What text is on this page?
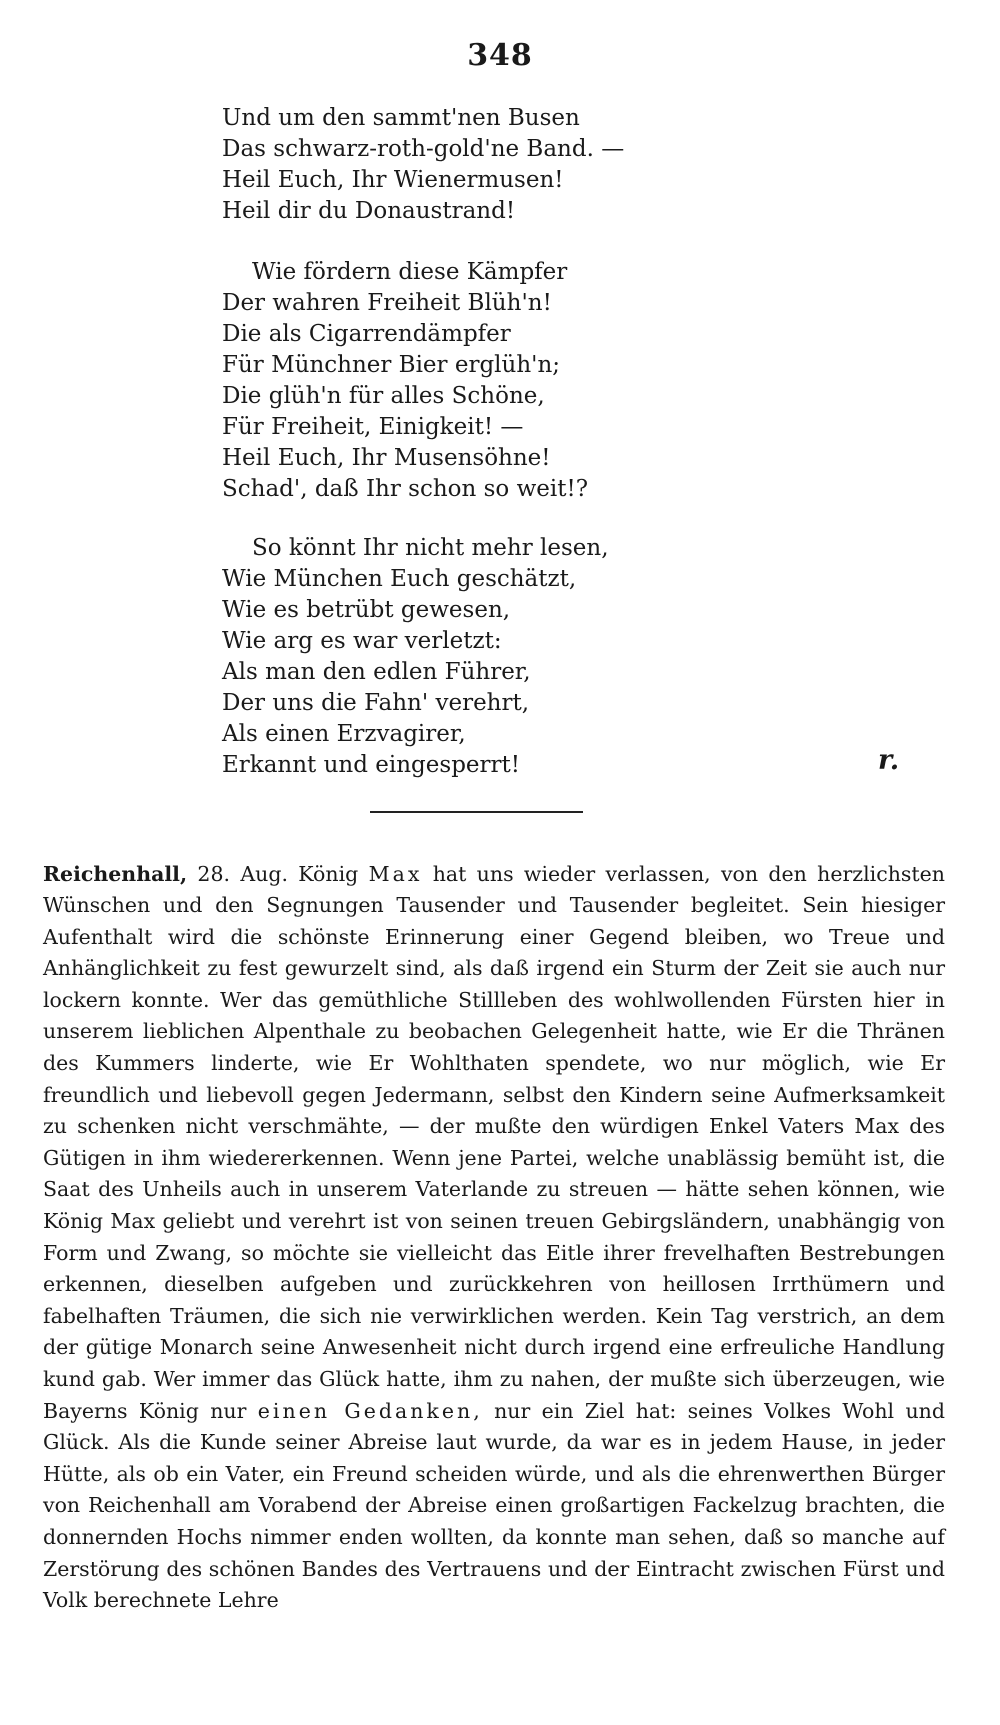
348
Und um den sammt'nen Busen
Das schwarz-roth-gold'ne Band. —
Heil Euch, Ihr Wienermusen!
Heil dir du Donaustrand!
Wie fördern diese Kämpfer
Der wahren Freiheit Blüh'n!
Die als Cigarrendämpfer
Für Münchner Bier erglüh'n;
Die glüh'n für alles Schöne,
Für Freiheit, Einigkeit! —
Heil Euch, Ihr Musensöhne!
Schad', daß Ihr schon so weit!?
So könnt Ihr nicht mehr lesen,
Wie München Euch geschätzt,
Wie es betrübt gewesen,
Wie arg es war verletzt:
Als man den edlen Führer,
Der uns die Fahn' verehrt,
Als einen Erzvagirer,
Erkannt und eingesperrt!	r.

Reichenhall, 28. Aug. König Max hat uns wieder verlassen, von den herzlichsten Wünschen und den Segnungen Tausender und Tausender begleitet. Sein hiesiger Aufenthalt wird die schönste Erinnerung einer Gegend bleiben, wo Treue und Anhänglichkeit zu fest gewurzelt sind, als daß irgend ein Sturm der Zeit sie auch nur lockern konnte. Wer das gemüthliche Stillleben des wohlwollenden Fürsten hier in unserem lieblichen Alpenthale zu beobachen Gelegenheit hatte, wie Er die Thränen des Kummers linderte, wie Er Wohlthaten spendete, wo nur möglich, wie Er freundlich und liebevoll gegen Jedermann, selbst den Kindern seine Aufmerksamkeit zu schenken nicht verschmähte, — der mußte den würdigen Enkel Vaters Max des Gütigen in ihm wiedererkennen. Wenn jene Partei, welche unablässig bemüht ist, die Saat des Unheils auch in unserem Vaterlande zu streuen — hätte sehen können, wie König Max geliebt und verehrt ist von seinen treuen Gebirgsländern, unabhängig von Form und Zwang, so möchte sie vielleicht das Eitle ihrer frevelhaften Bestrebungen erkennen, dieselben aufgeben und zurückkehren von heillosen Irrthümern und fabelhaften Träumen, die sich nie verwirklichen werden. Kein Tag verstrich, an dem der gütige Monarch seine Anwesenheit nicht durch irgend eine erfreuliche Handlung kund gab. Wer immer das Glück hatte, ihm zu nahen, der mußte sich überzeugen, wie Bayerns König nur einen Gedanken, nur ein Ziel hat: seines Volkes Wohl und Glück. Als die Kunde seiner Abreise laut wurde, da war es in jedem Hause, in jeder Hütte, als ob ein Vater, ein Freund scheiden würde, und als die ehrenwerthen Bürger von Reichenhall am Vorabend der Abreise einen großartigen Fackelzug brachten, die donnernden Hochs nimmer enden wollten, da konnte man sehen, daß so manche auf Zerstörung des schönen Bandes des Vertrauens und der Eintracht zwischen Fürst und Volk berechnete Lehre
